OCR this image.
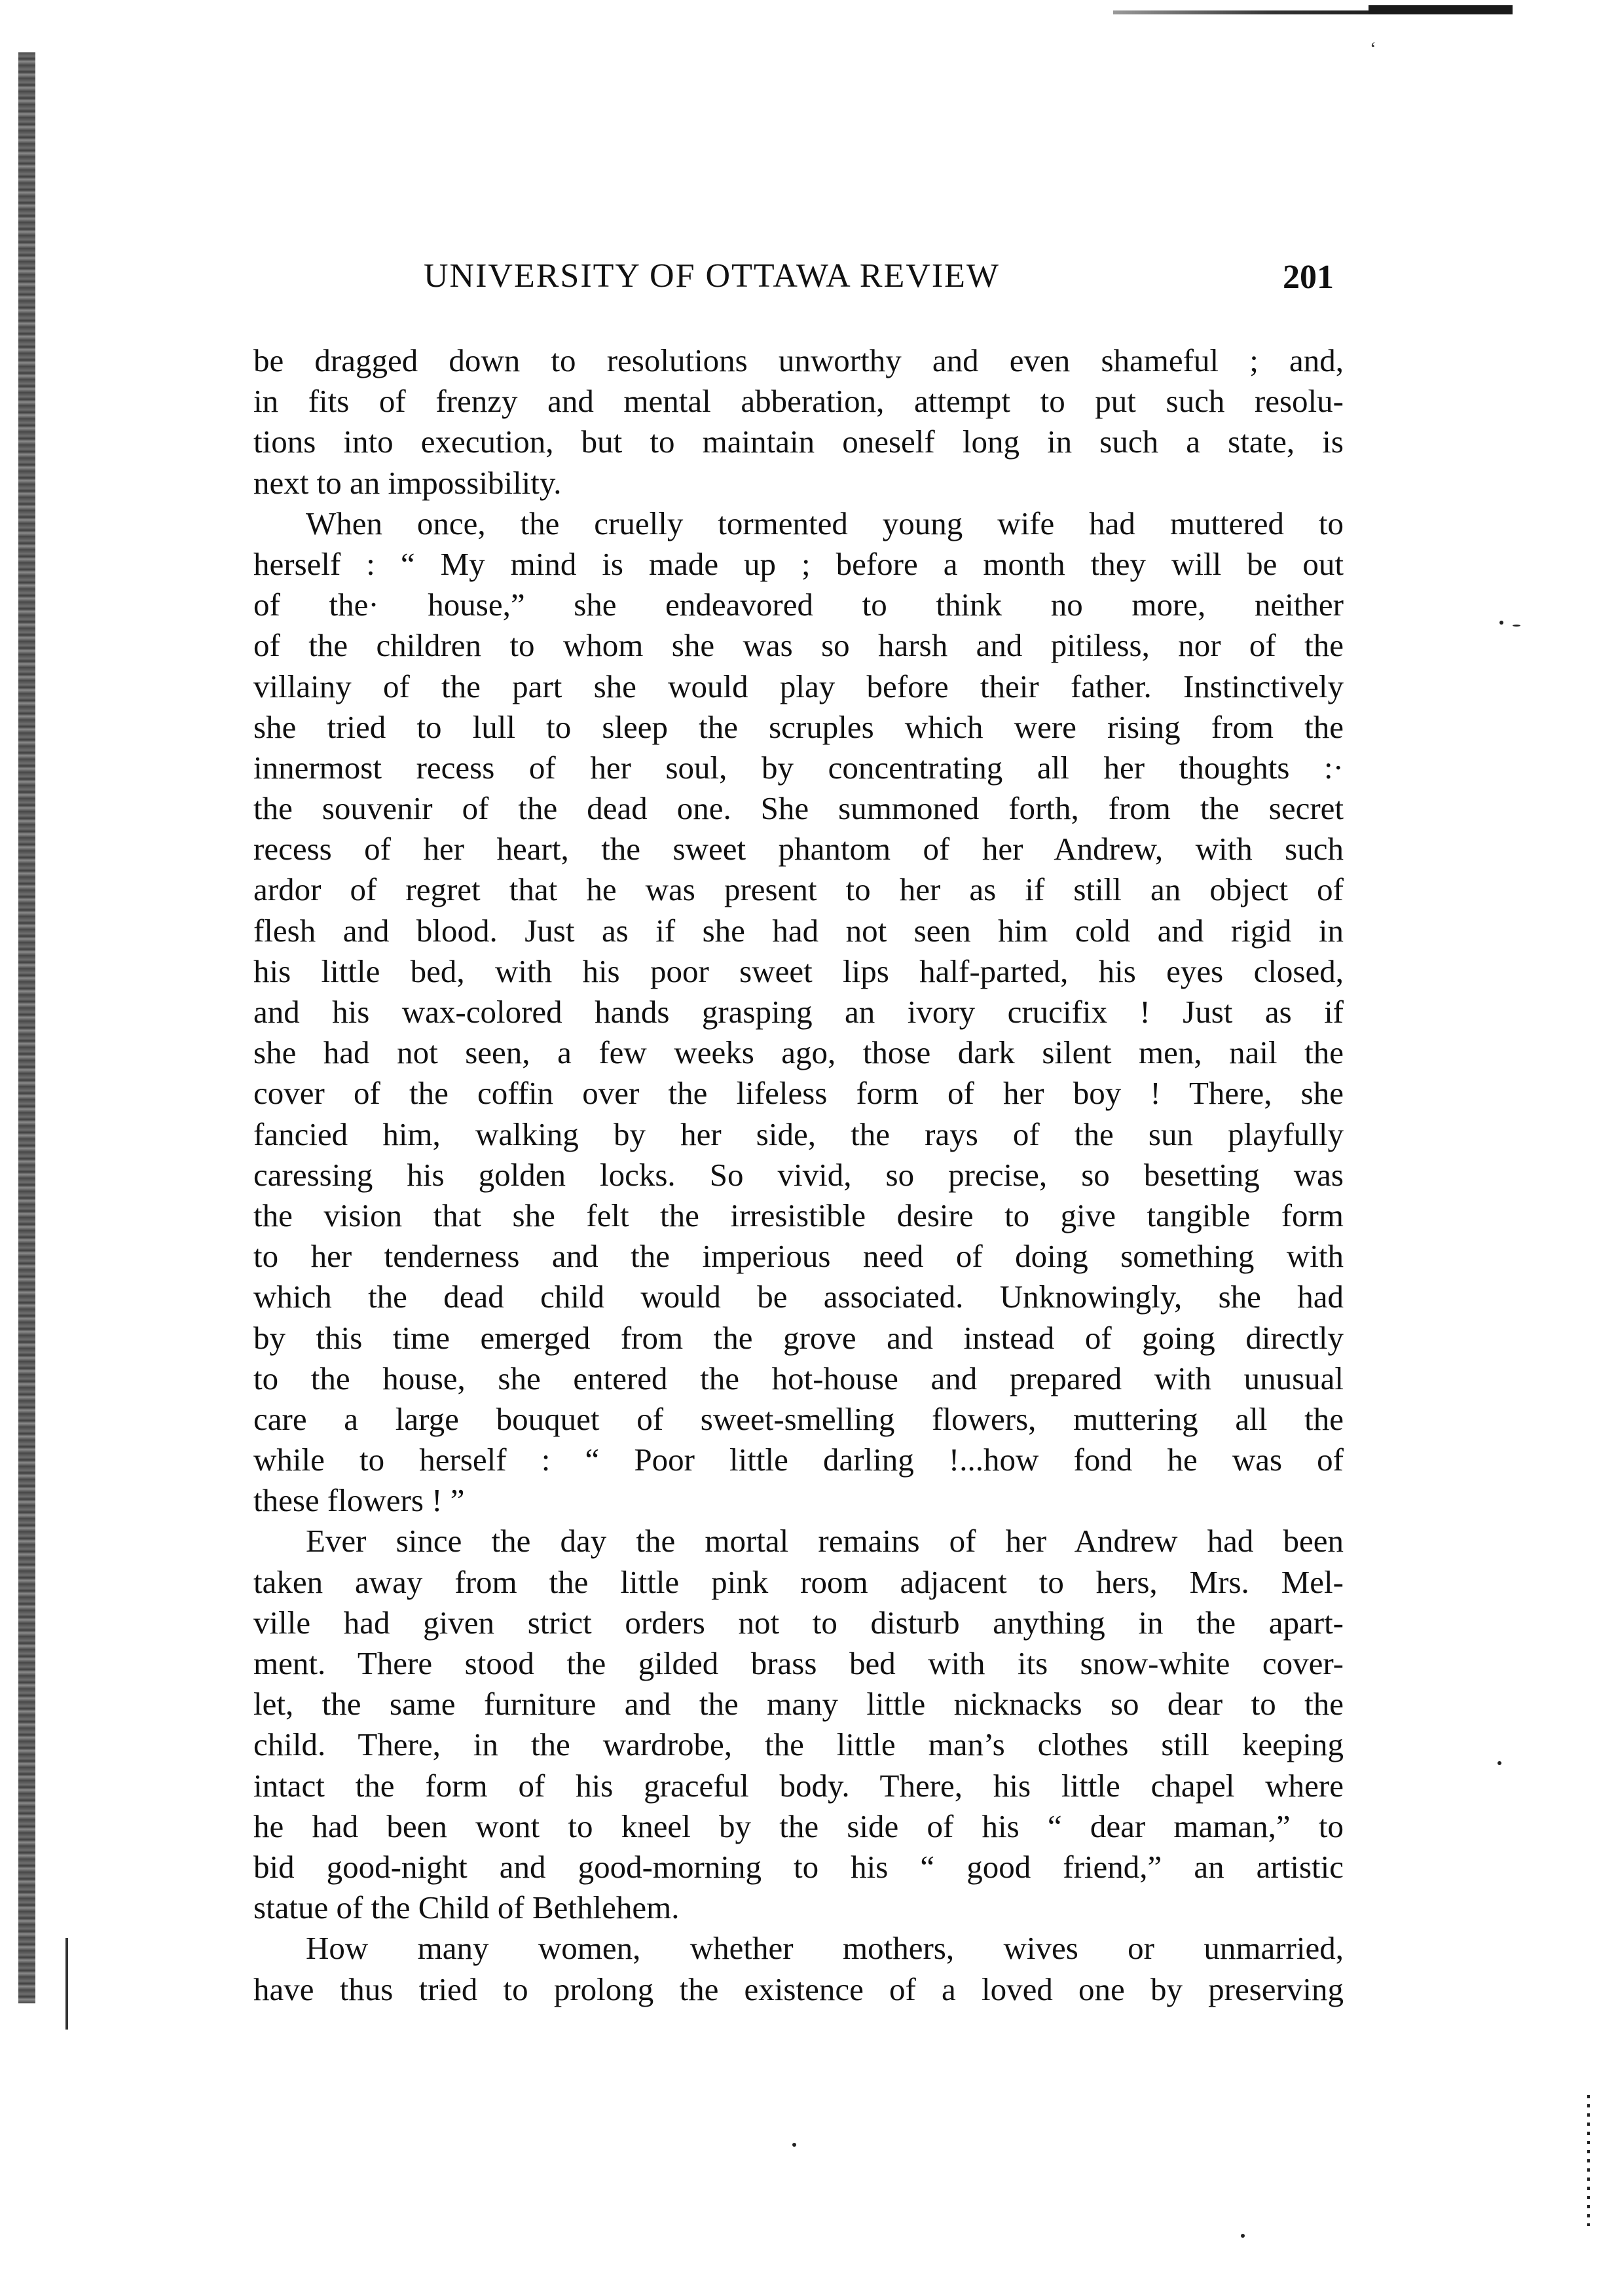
‘
UNIVERSITY OF OTTAWA REVIEW	201
be dragged down to resolutions unworthy and even shameful ; and,
in fits of frenzy and mental abberation, attempt to put such resolu-
tions into execution, but to maintain oneself long in such a state, is
next to an impossibility.
When once, the cruelly tormented young wife had muttered to
herself : “ My mind is made up ; before a month they will be out
of the· house,” she endeavored to think no more, neither
of the children to whom she was so harsh and pitiless, nor of the
villainy of the part she would play before their father. Instinctively
she tried to lull to sleep the scruples which were rising from the
innermost recess of her soul, by concentrating all her thoughts :·
the souvenir of the dead one. She summoned forth, from the secret
recess of her heart, the sweet phantom of her Andrew, with such
ardor of regret that he was present to her as if still an object of
flesh and blood. Just as if she had not seen him cold and rigid in
his little bed, with his poor sweet lips half-parted, his eyes closed,
and his wax-colored hands grasping an ivory crucifix ! Just as if
she had not seen, a few weeks ago, those dark silent men, nail the
cover of the coffin over the lifeless form of her boy ! There, she
fancied him, walking by her side, the rays of the sun playfully
caressing his golden locks. So vivid, so precise, so besetting was
the vision that she felt the irresistible desire to give tangible form
to her tenderness and the imperious need of doing something with
which the dead child would be associated. Unknowingly, she had
by this time emerged from the grove and instead of going directly
to the house, she entered the hot-house and prepared with unusual
care a large bouquet of sweet-smelling flowers, muttering all the
while to herself : “ Poor little darling !...how fond he was of
these flowers ! ”
Ever since the day the mortal remains of her Andrew had been
taken away from the little pink room adjacent to hers, Mrs. Mel-
ville had given strict orders not to disturb anything in the apart-
ment. There stood the gilded brass bed with its snow-white cover-
let, the same furniture and the many little nicknacks so dear to the
child. There, in the wardrobe, the little man’s clothes still keeping
intact the form of his graceful body. There, his little chapel where
he had been wont to kneel by the side of his “ dear maman,” to
bid good-night and good-morning to his “ good friend,” an artistic
statue of the Child of Bethlehem.
How many women, whether mothers, wives or unmarried,
have thus tried to prolong the existence of a loved one by preserving
